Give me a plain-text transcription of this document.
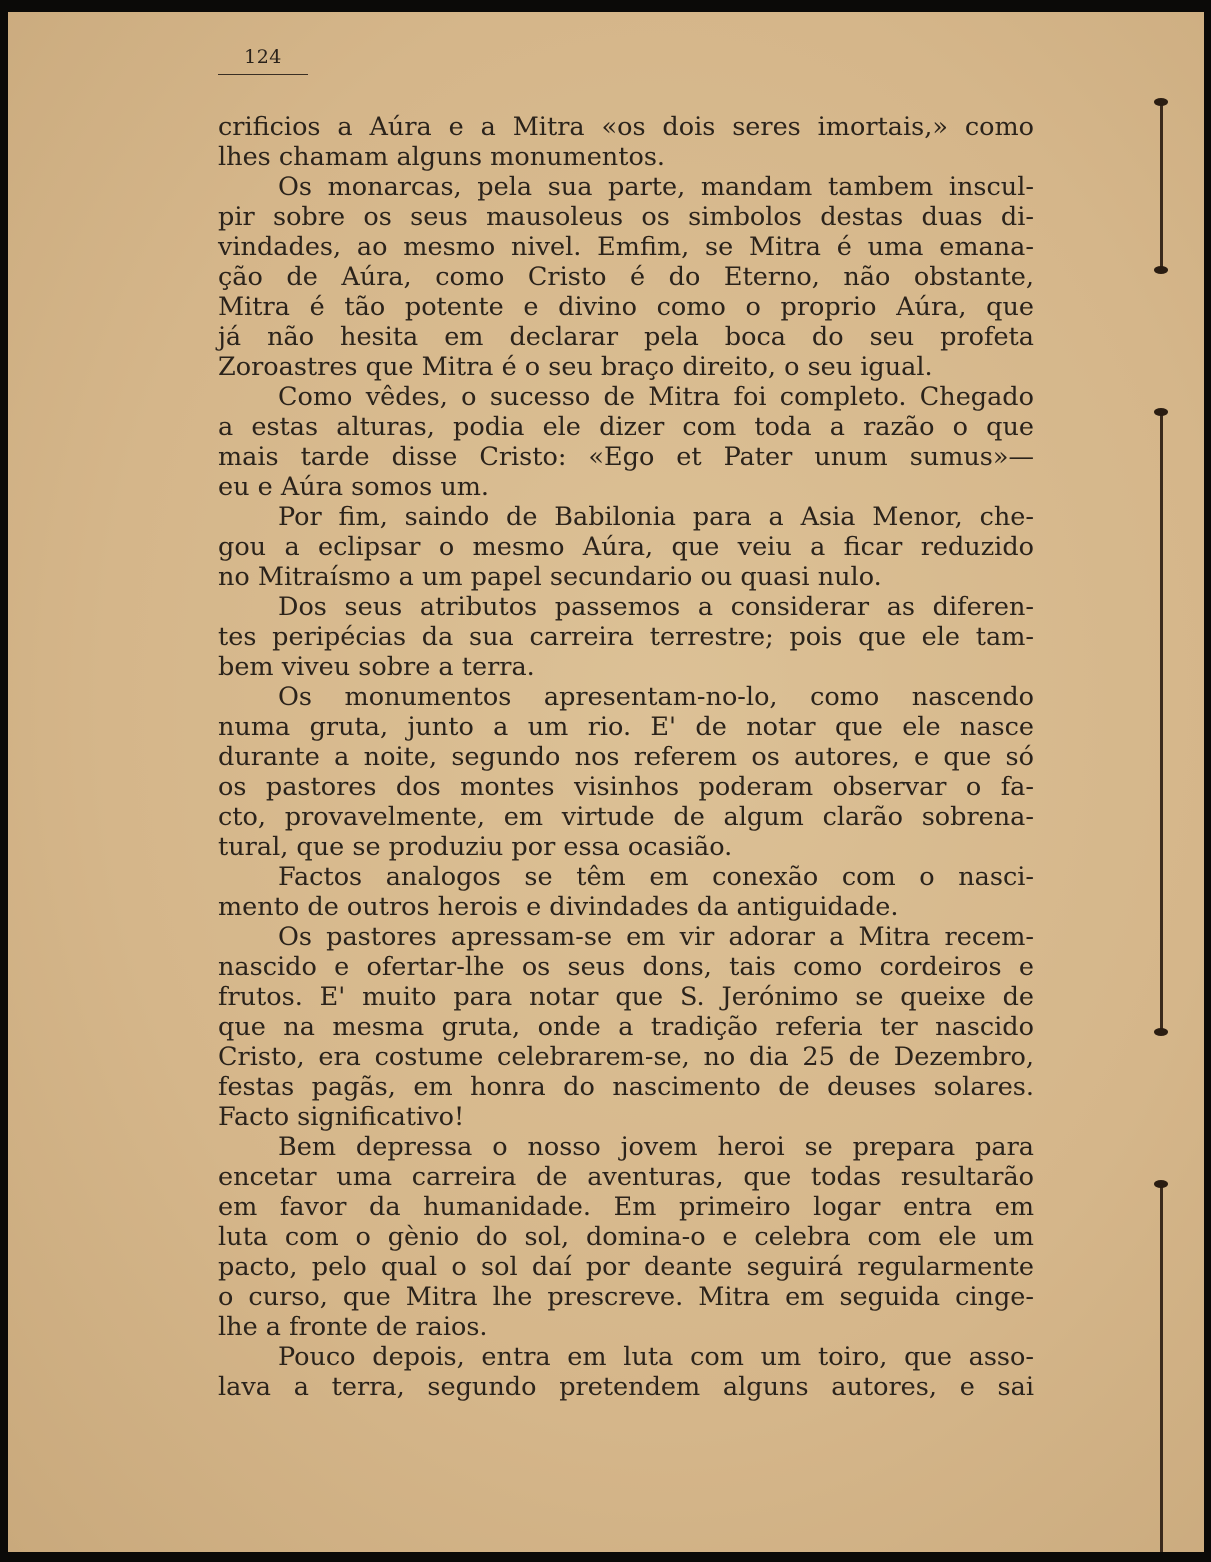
124
crificios a Aúra e a Mitra «os dois seres imortais,» como
lhes chamam alguns monumentos.
Os monarcas, pela sua parte, mandam tambem inscul-
pir sobre os seus mausoleus os simbolos destas duas di-
vindades, ao mesmo nivel. Emfim, se Mitra é uma emana-
ção de Aúra, como Cristo é do Eterno, não obstante,
Mitra é tão potente e divino como o proprio Aúra, que
já não hesita em declarar pela boca do seu profeta
Zoroastres que Mitra é o seu braço direito, o seu igual.
Como vêdes, o sucesso de Mitra foi completo. Chegado
a estas alturas, podia ele dizer com toda a razão o que
mais tarde disse Cristo: «Ego et Pater unum sumus»—
eu e Aúra somos um.
Por fim, saindo de Babilonia para a Asia Menor, che-
gou a eclipsar o mesmo Aúra, que veiu a ficar reduzido
no Mitraísmo a um papel secundario ou quasi nulo.
Dos seus atributos passemos a considerar as diferen-
tes peripécias da sua carreira terrestre; pois que ele tam-
bem viveu sobre a terra.
Os monumentos apresentam-no-lo, como nascendo
numa gruta, junto a um rio. E' de notar que ele nasce
durante a noite, segundo nos referem os autores, e que só
os pastores dos montes visinhos poderam observar o fa-
cto, provavelmente, em virtude de algum clarão sobrena-
tural, que se produziu por essa ocasião.
Factos analogos se têm em conexão com o nasci-
mento de outros herois e divindades da antiguidade.
Os pastores apressam-se em vir adorar a Mitra recem-
nascido e ofertar-lhe os seus dons, tais como cordeiros e
frutos. E' muito para notar que S. Jerónimo se queixe de
que na mesma gruta, onde a tradição referia ter nascido
Cristo, era costume celebrarem-se, no dia 25 de Dezembro,
festas pagãs, em honra do nascimento de deuses solares.
Facto significativo!
Bem depressa o nosso jovem heroi se prepara para
encetar uma carreira de aventuras, que todas resultarão
em favor da humanidade. Em primeiro logar entra em
luta com o gènio do sol, domina-o e celebra com ele um
pacto, pelo qual o sol daí por deante seguirá regularmente
o curso, que Mitra lhe prescreve. Mitra em seguida cinge-
lhe a fronte de raios.
Pouco depois, entra em luta com um toiro, que asso-
lava a terra, segundo pretendem alguns autores, e sai
